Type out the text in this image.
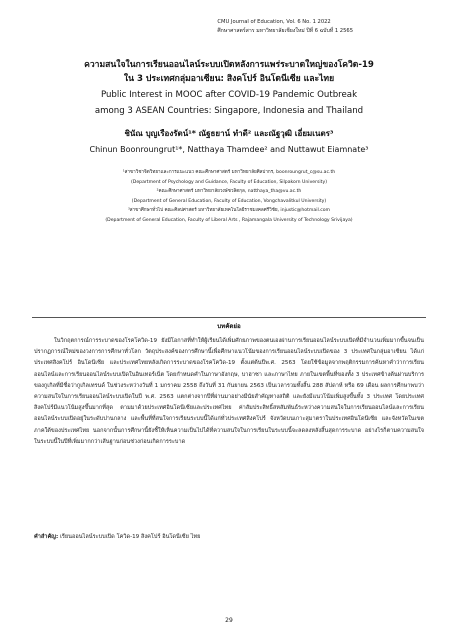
CMU Journal of Education, Vol. 6 No. 1 2022
ศึกษาศาสตร์สาร มหาวิทยาลัยเชียงใหม่ ปีที่ 6 ฉบับที่ 1 2565
ความสนใจในการเรียนออนไลน์ระบบเปิดหลังการแพร่ระบาดใหญ่ของโควิด-19
ใน 3 ประเทศกลุ่มอาเซียน: สิงคโปร์ อินโดนีเซีย และไทย
Public Interest in MOOC after COVID-19 Pandemic Outbreak
among 3 ASEAN Countries: Singapore, Indonesia and Thailand
ชินัณ บุญเรืองรัตน์¹* ณัฐธยาน์ ทำดี² และณัฐวุฒิ เอี่ยมเนตร³
Chinun Boonroungrut¹*, Natthaya Thamdee² and Nuttawut Eiamnate³
¹สาขาวิชาจิตวิทยาและการแนะแนว คณะศึกษาศาสตร์ มหาวิทยาลัยศิลปากร, boonroungrut_c@su.ac.th
(Department of Psychology and Guidance, Faculty of Education, Silpakorn University)
²คณะศึกษาศาสตร์ มหาวิทยาลัยวงษ์ชวลิตกุล, natthaya_tha@vu.ac.th
(Department of General Education, Faculty of Education, Vongchavalitkul University)
³สาขาศึกษาทั่วไป คณะศิลปศาสตร์ มหาวิทยาลัยเทคโนโลยีราชมงคลศรีวิชัย, injustic@hotmail.com
(Department of General Education, Faculty of Liberal Arts , Rajamangala University of Technology Srivijaya)
บทคัดย่อ

ในวิกฤตการณ์การระบาดของโรคโควิด-19 ยังมีโอกาสที่ทำให้ผู้เรียนได้เพิ่มศักยภาพของตนเองผ่านการเรียนออนไลน์ระบบเปิดที่มีจำนวนเพิ่มมากขึ้นจนเป็นปรากฏการณ์ใหม่ของวงการการศึกษาทั่วโลก วัตถุประสงค์ของการศึกษานี้เพื่อศึกษาแนวโน้มของการเรียนออนไลน์ระบบเปิดของ 3 ประเทศในกลุ่มอาเซียน ได้แก่ ประเทศสิงคโปร์ อินโดนีเซีย และประเทศไทยหลังเกิดการระบาดของโรคโควิด-19 ตั้งแต่ต้นปีพ.ศ. 2563 โดยใช้ข้อมูลจากพฤติกรรมการค้นหาคำว่าการเรียนออนไลน์และการเรียนออนไลน์ระบบเปิดในอินเทอร์เน็ต โดยกำหนดคำในภาษาอังกฤษ, บาฮาซา และภาษาไทย ภายในเขตพื้นที่ของทั้ง 3 ประเทศข้างต้นผ่านบริการของกูเกิลที่มีชื่อว่ากูเกิลเทรนด์ ในช่วงระหว่างวันที่ 1 มกราคม 2558 ถึงวันที่ 31 กันยายน 2563 เป็นเวลารวมทั้งสิ้น 288 สัปดาห์ หรือ 69 เดือน ผลการศึกษาพบว่าความสนใจในการเรียนออนไลน์ระบบเปิดในปี พ.ศ. 2563 แตกต่างจากปีที่ผ่านมาอย่างมีนัยสำคัญทางสถิติ และยังมีแนวโน้มเพิ่มสูงขึ้นทั้ง 3 ประเทศ โดยประเทศสิงคโปร์มีแนวโน้มสูงขึ้นมากที่สุด ตามมาด้วยประเทศอินโดนีเซียและประเทศไทย ค่าสัมประสิทธิ์สหสัมพันธ์ระหว่างความสนใจในการเรียนออนไลน์และการเรียนออนไลน์ระบบเปิดอยู่ในระดับปานกลาง และพื้นที่ที่สนใจการเรียนระบบนี้ได้แก่ทั่วประเทศสิงคโปร์ จังหวัดบนเกาะสุมาตราในประเทศอินโดนีเซีย และจังหวัดในเขตภาคใต้ของประเทศไทย นอกจากนั้นการศึกษานี้ยังชี้ให้เห็นความเป็นไปได้ที่ความสนใจในการเรียนในระบบนี้จะลดลงหลังสิ้นสุดการระบาด อย่างไรก็ตามความสนใจในระบบนี้ในปีที่เพิ่มมากกว่าเส้นฐานก่อนช่วงก่อนเกิดการระบาด

คำสำคัญ: เรียนออนไลน์ระบบเปิด โควิด-19 สิงคโปร์ อินโดนีเซีย ไทย
29
